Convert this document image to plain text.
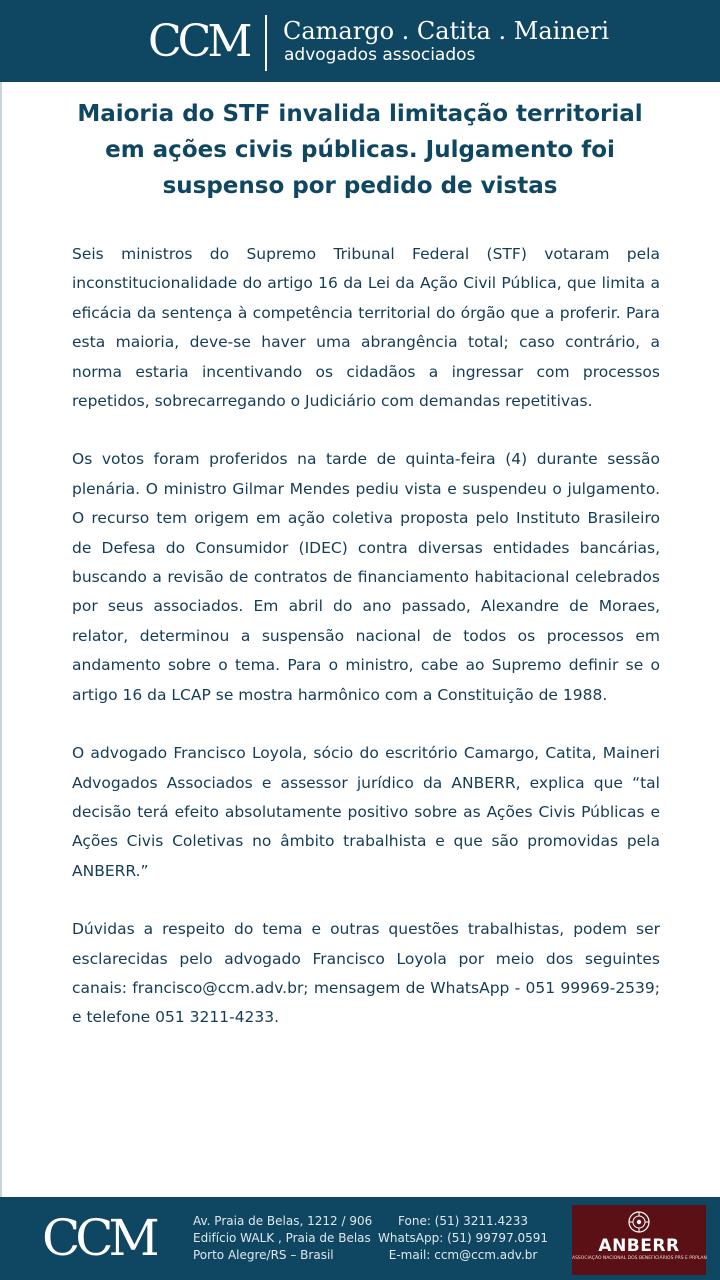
CCM Camargo . Catita . Maineri
advogados associados
Maioria do STF invalida limitação territorial em ações civis públicas. Julgamento foi suspenso por pedido de vistas

Seis ministros do Supremo Tribunal Federal (STF) votaram pela inconstitucionalidade do artigo 16 da Lei da Ação Civil Pública, que limita a eficácia da sentença à competência territorial do órgão que a proferir. Para esta maioria, deve-se haver uma abrangência total; caso contrário, a norma estaria incentivando os cidadãos a ingressar com processos repetidos, sobrecarregando o Judiciário com demandas repetitivas.

Os votos foram proferidos na tarde de quinta-feira (4) durante sessão plenária. O ministro Gilmar Mendes pediu vista e suspendeu o julgamento. O recurso tem origem em ação coletiva proposta pelo Instituto Brasileiro de Defesa do Consumidor (IDEC) contra diversas entidades bancárias, buscando a revisão de contratos de financiamento habitacional celebrados por seus associados. Em abril do ano passado, Alexandre de Moraes, relator, determinou a suspensão nacional de todos os processos em andamento sobre o tema. Para o ministro, cabe ao Supremo definir se o artigo 16 da LCAP se mostra harmônico com a Constituição de 1988.

O advogado Francisco Loyola, sócio do escritório Camargo, Catita, Maineri Advogados Associados e assessor jurídico da ANBERR, explica que “tal decisão terá efeito absolutamente positivo sobre as Ações Civis Públicas e Ações Civis Coletivas no âmbito trabalhista e que são promovidas pela ANBERR.”

Dúvidas a respeito do tema e outras questões trabalhistas, podem ser esclarecidas pelo advogado Francisco Loyola por meio dos seguintes canais: francisco@ccm.adv.br; mensagem de WhatsApp - 051 99969-2539; e telefone 051 3211-4233.

CCM	Av. Praia de Belas, 1212 / 906
Edifício WALK , Praia de Belas
Porto Alegre/RS – Brasil
Fone: (51) 3211.4233
WhatsApp: (51) 99797.0591
E-mail: ccm@ccm.adv.br	ANBERR
ASSOCIAÇÃO NACIONAL DOS BENEFICIÁRIOS PRS E PRPLAN
